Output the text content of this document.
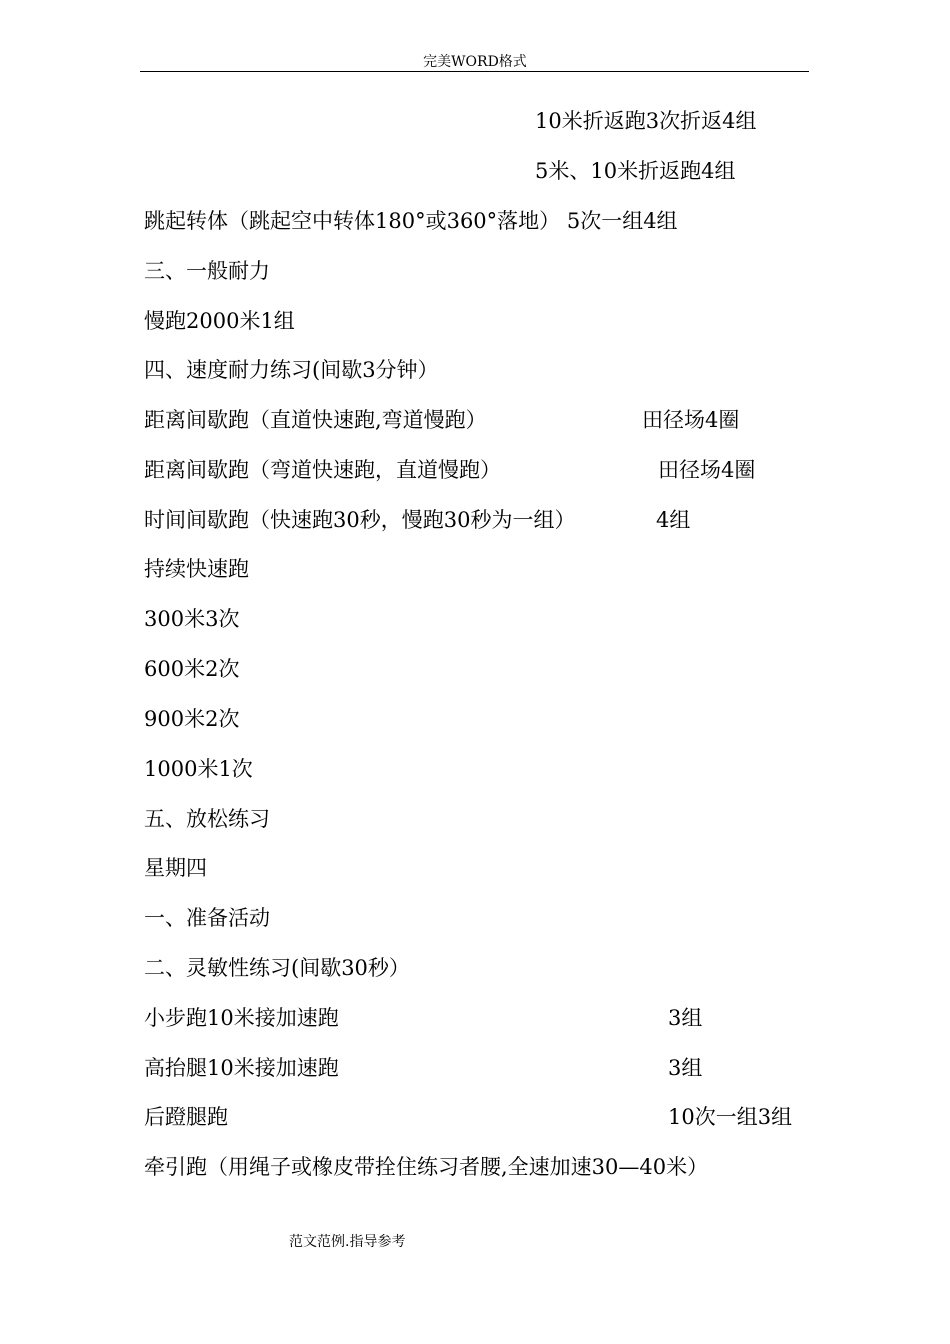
完美WORD格式
10米折返跑3次折返4组
5米、10米折返跑4组
跳起转体（跳起空中转体180°或360°落地） 5次一组4组
三、一般耐力
慢跑2000米1组
四、速度耐力练习(间歇3分钟）
距离间歇跑（直道快速跑,弯道慢跑）	田径场4圈
距离间歇跑（弯道快速跑，直道慢跑）	田径场4圈
时间间歇跑（快速跑30秒，慢跑30秒为一组）	4组
持续快速跑
300米3次
600米2次
900米2次
1000米1次
五、放松练习
星期四
一、准备活动
二、灵敏性练习(间歇30秒）
小步跑10米接加速跑	3组
高抬腿10米接加速跑	3组
后蹬腿跑	10次一组3组
牵引跑（用绳子或橡皮带拴住练习者腰,全速加速30—40米）
范文范例.指导参考
